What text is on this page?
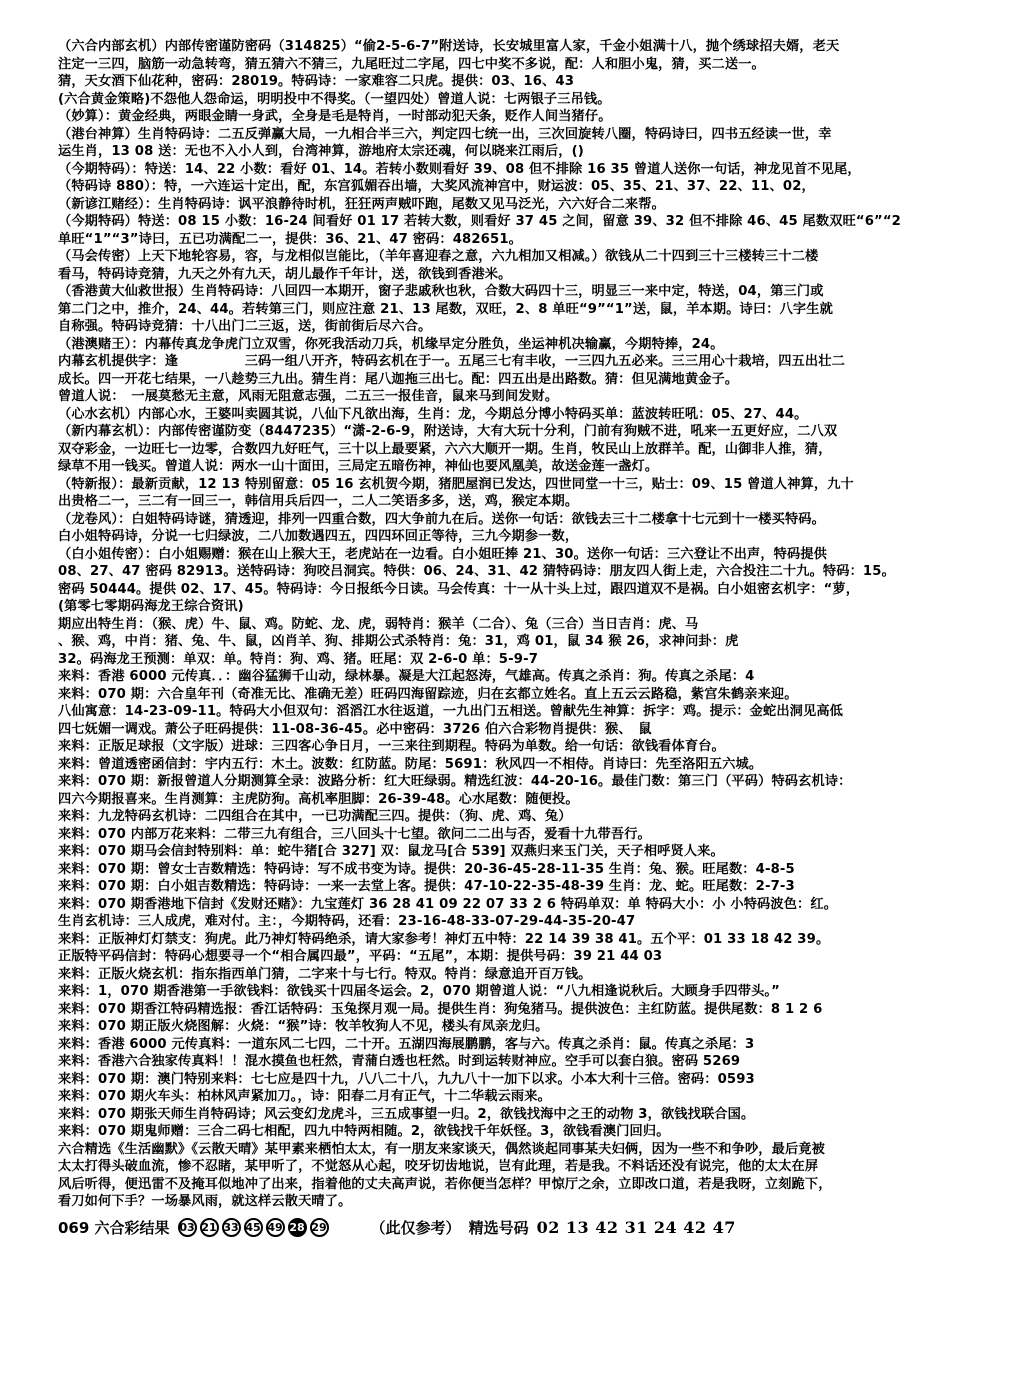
（六合内部玄机）内部传密谨防密码（314825）“偷2-5-6-7”附送诗，长安城里富人家，千金小姐满十八，抛个绣球招夫婿，老天
注定一三四，脑筋一动急转弯，猜五猜六不猜三，九尾旺过二字尾，四七中奖不多说，配：人和胆小鬼，猜，买二送一。
猜，天女酒下仙花种，密码：28019。特码诗：一家难容二只虎。提供：03、16、43
(六合黄金策略)不怨他人怨命运，明明投中不得奖。（一望四处）曾道人说：七两银子三吊钱。
（妙算）：黄金经典，两眼金睛一身武，全身是毛是特肖，一时部动犯天条，贬作人间当猪仔。
（港台神算）生肖特码诗：二五反弹赢大局，一九相合半三六，判定四七统一出，三次回旋转八圈，特码诗曰，四书五经读一世，幸
运生肖，13 08 送：无也不入小人到，台湾神算，游地府太宗还魂，何以晓来江雨后，()
（今期特码）：特送：14、22 小数：看好 01、14。若转小数则看好 39、08 但不排除 16 35 曾道人送你一句话，神龙见首不见尾，
（特码诗 880）：特，一六连运十定出，配，东宫狐媚吞出墙，大奖风流神宫中，财运波：05、35、21、37、22、11、02，
（新谚江赌经）：生肖特码诗：讽平浪静待时机，狂狂两声贼吓跑，尾数又见马泛光，六六好合二来帮。
（今期特码）特送：08 15 小数：16-24 间看好 01 17 若转大数，则看好 37 45 之间，留意 39、32 但不排除 46、45 尾数双旺“6”“2
单旺“1”“3”诗曰，五已功满配二一，提供：36、21、47 密码：482651。
（马会传密）上天下地轮容易，容，与龙相似岂能比，（羊年喜迎春之意，六九相加又相减。）欲钱从二十四到三十三楼转三十二楼
看马，特码诗竞猜，九天之外有九天，胡儿最作千年计，送，欲钱到香港米。
（香港黄大仙救世报）生肖特码诗：八回四一本期开，窗子悲戚秋也秋，合数大码四十三，明显三一来中定，特送，04，第三门或
第二门之中，推介，24、44。若转第三门，则应注意 21、13 尾数，双旺，2、8 单旺“9”“1”送，鼠，羊本期。诗曰：八字生就
自称强。特码诗竞猜：十八出门二三返，送，街前街后尽六合。
（港澳赌王）：内幕传真龙争虎门立双雪，你死我活动刀兵，机缘早定分胜负，坐运神机决输赢，今期特捧，24。
内幕玄机提供字：逢　　　　　三码一组八开齐，特码玄机在于一。五尾三七有丰收，一三四九五必来。三三用心十栽培，四五出壮二
成长。四一开花七结果，一八趁势三九出。猜生肖：尾八迦拖三出七。配：四五出是出路数。猜：但见满地黄金子。
曾道人说：　一展莫愁无主意，风雨无阻意志强，二五三一报佳音，鼠来马到间发财。
（心水玄机）内部心水，王婆叫卖圆其说，八仙下凡欲出海，生肖：龙，今期总分博小特码买单：蓝波转旺吼：05、27、44。
（新内幕玄机）：内部传密谨防变（8447235）“潇-2-6-9，附送诗，大有大玩十分利，门前有狗贼不进，吼来一五更好应，二八双
双夺彩金，一边旺七一边零，合数四九好旺气，三十以上最要紧，六六大顺开一期。生肖，牧民山上放群羊。配，山御非人推，猜，
绿草不用一钱买。曾道人说：两水一山十面田，三局定五暗伤神，神仙也要风凰美，故送金莲一盏灯。
（特新报）：最新贡献，12 13 特别留意：05 16 玄机贺今期，猪肥屋润已发达，四世同堂一十三，贴士：09、15 曾道人神算，九十
出贵格二一，三二有一回三一，韩信用兵后四一，二人二笑语多多，送，鸡，猴定本期。
（龙卷风）：白姐特码诗谜，猜透迎，排列一四重合数，四大争前九在后。送你一句话：欲钱去三十二楼拿十七元到十一楼买特码。
白小姐特码诗，分说一七归绿波，二八加数遇四五，四四环回正等待，三九今期参一数，
（白小姐传密）：白小姐赐赠：猴在山上猴大王，老虎站在一边看。白小姐旺捧 21、30。送你一句话：三六登让不出声，特码提供
08、27、47 密码 82913。送特码诗：狗咬吕洞宾。特供：06、24、31、42 猜特码诗：朋友四人街上走，六合投注二十九。特码：15。
密码 50444。提供 02、17、45。特码诗：今日报纸今日读。马会传真：十一从十头上过，跟四道双不是祸。白小姐密玄机字：“萝，
(第零七零期码海龙王综合资讯)
期应出特生肖：（猴、虎）牛、鼠、鸡。防蛇、龙、虎，弱特肖：猴羊（二合）、兔（三合）当日吉肖：虎、马
、猴、鸡，中肖：猪、兔、牛、鼠，凶肖羊、狗、排期公式杀特肖：兔：31，鸡 01，鼠 34 猴 26，求神问卦：虎
32。码海龙王预测：单双：单。特肖：狗、鸡、猪。旺尾：双 2-6-0 单：5-9-7
来料：香港 6000 元传真．．：幽谷猛狮千山动，绿林暴。凝是大江起怒涛，气雄高。传真之杀肖：狗。传真之杀尾：4
来料：070 期：六合皇年刊（奇准无比、准确无差）旺码四海留踪迹，归在玄都立姓名。直上五云云路稳，紫宫朱鹤亲来迎。
八仙寓意：14-23-09-11。特码大小但双句：滔滔江水往返道，一九出门五相送。曾献先生神算：拆字：鸡。提示：金蛇出洞见高低
四七妩媚一调戏。萧公子旺码提供：11-08-36-45。必中密码：3726 伯六合彩物肖提供：猴、　鼠
来料：正版足球报（文字版）进球：三四客心争日月，一三来往到期程。特码为单数。给一句话：欲钱看体育台。
来料：曾道透密函信封：宇内五行：木土。波数：红防蓝。防尾：5691：秋风四一不相侍。肖诗曰：先至洛阳五六城。
来料：070 期：新报曾道人分期测算全录：波路分析：红大旺绿弱。精选红波：44-20-16。最佳门数：第三门（平码）特码玄机诗：
四六今期报喜来。生肖测算：主虎防狗。高机率胆脚：26-39-48。心水尾数：随便投。
来料：九龙特码玄机诗：二四组合在其中，一已功满配三四。提供：（狗、虎、鸡、兔）
来料：070 内部万花来料：二带三九有组合，三八回头十七望。欲问二二出与否，爱看十九带吾行。
来料：070 期马会信封特别料：单：蛇牛猪[合 327] 双：鼠龙马[合 539] 双燕归来玉门关，天子相呼贤人来。
来料：070 期：曾女士吉数精选：特码诗：写不成书变为诗。提供：20-36-45-28-11-35 生肖：兔、猴。旺尾数：4-8-5
来料：070 期：白小姐吉数精选：特码诗：一来一去堂上客。提供：47-10-22-35-48-39 生肖：龙、蛇。旺尾数：2-7-3
来料：070 期香港地下信封《发财还赌》：九宝莲灯 36 28 41 09 22 07 33 2 6 特码单双：单 特码大小：小 小特码波色：红。
生肖玄机诗：三人成虎，难对付。主：，今期特码，还看：23-16-48-33-07-29-44-35-20-47
来料：正版神灯灯禁支：狗虎。此乃神灯特码绝杀，请大家参考！神灯五中特：22 14 39 38 41。五个平：01 33 18 42 39。
正版特平码信封：特码心想要寻一个“相合属四最”，平码：“五尾”，本期：提供号码：39 21 44 03
来料：正版火烧玄机：指东指西单门猜，二字来十与七行。特双。特肖：绿意追开百万钱。
来料：1，070 期香港第一手欲钱料：欲钱买十四届冬运会。2，070 期曾道人说：“八九相逢说秋后。大顾身手四带头。”
来料：070 期香江特码精选报：香江话特码：玉兔探月观一局。提供生肖：狗兔猪马。提供波色：主红防蓝。提供尾数：8 1 2 6
来料：070 期正版火烧图解：火烧：“猴”诗：牧羊牧狗人不见，楼头有凤亲龙归。
来料：香港 6000 元传真料：一道东风二七四，二十开。五湖四海展鹏鹏，客与六。传真之杀肖：鼠。传真之杀尾：3
来料：香港六合独家传真料！！混水摸鱼也枉然，青蒲白透也枉然。时到运转财神应。空手可以套白狼。密码 5269
来料：070 期：澳门特别来料：七七应是四十九，八八二十八，九九八十一加下以求。小本大利十三倍。密码：0593
来料：070 期火车头：柏林风声紧加刀。，诗：阳春二月有正气，十二华载云雨来。
来料：070 期张天师生肖特码诗；风云变幻龙虎斗，三五成事望一归。2，欲钱找海中之王的动物 3，欲钱找联合国。
来料：070 期鬼师赠：三合二码七相配，四九中特两相随。2，欲钱找千年妖怪。3，欲钱看澳门回归。
六合精选《生活幽默》《云散天晴》某甲素来栖怕太太，有一朋友来家谈天，偶然谈起同事某夫妇俩，因为一些不和争吵，最后竟被
太太打得头破血流，惨不忍睹，某甲听了，不觉怒从心起，咬牙切齿地说，岂有此理，若是我。不料话还没有说完，他的太太在屏
风后听得，便迅雷不及掩耳似地冲了出来，指着他的丈夫高声说，若你便当怎样？甲惊厅之余，立即改口道，若是我呀，立刻跪下，
看刀如何下手？一场暴风雨，就这样云散天晴了。
069 六合彩结果 03 21 33 45 49 28 29	（此仅参考） 精选号码 02 13 42 31 24 42 47
